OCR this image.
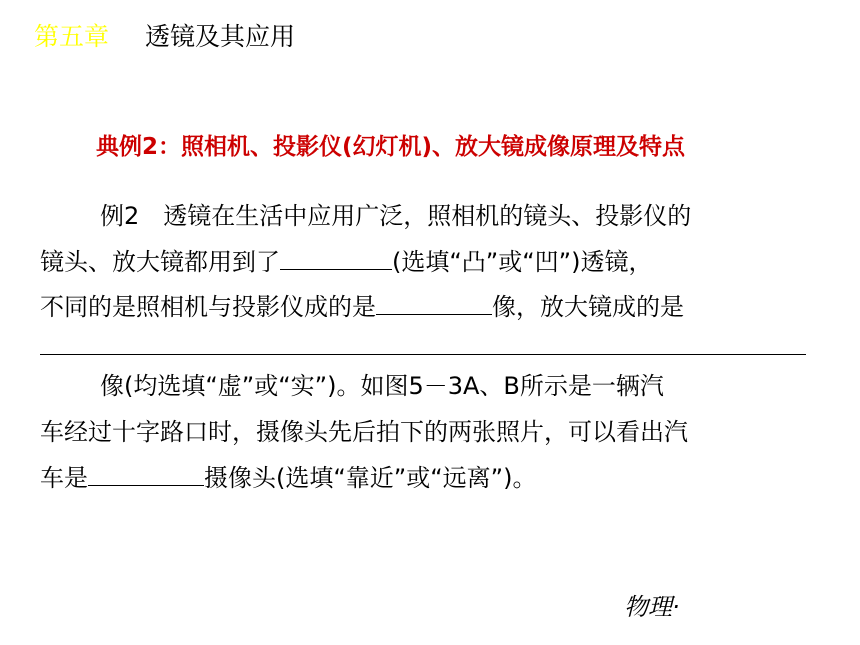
第五章 透镜及其应用
典例2：照相机、投影仪(幻灯机)、放大镜成像原理及特点
例2　透镜在生活中应用广泛，照相机的镜头、投影仪的
镜头、放大镜都用到了	(选填“凸”或“凹”)透镜，
不同的是照相机与投影仪成的是	像，放大镜成的是
像(均选填“虚”或“实”)。如图5－3A、B所示是一辆汽
车经过十字路口时，摄像头先后拍下的两张照片，可以看出汽
车是	摄像头(选填“靠近”或“远离”)。
物理·
